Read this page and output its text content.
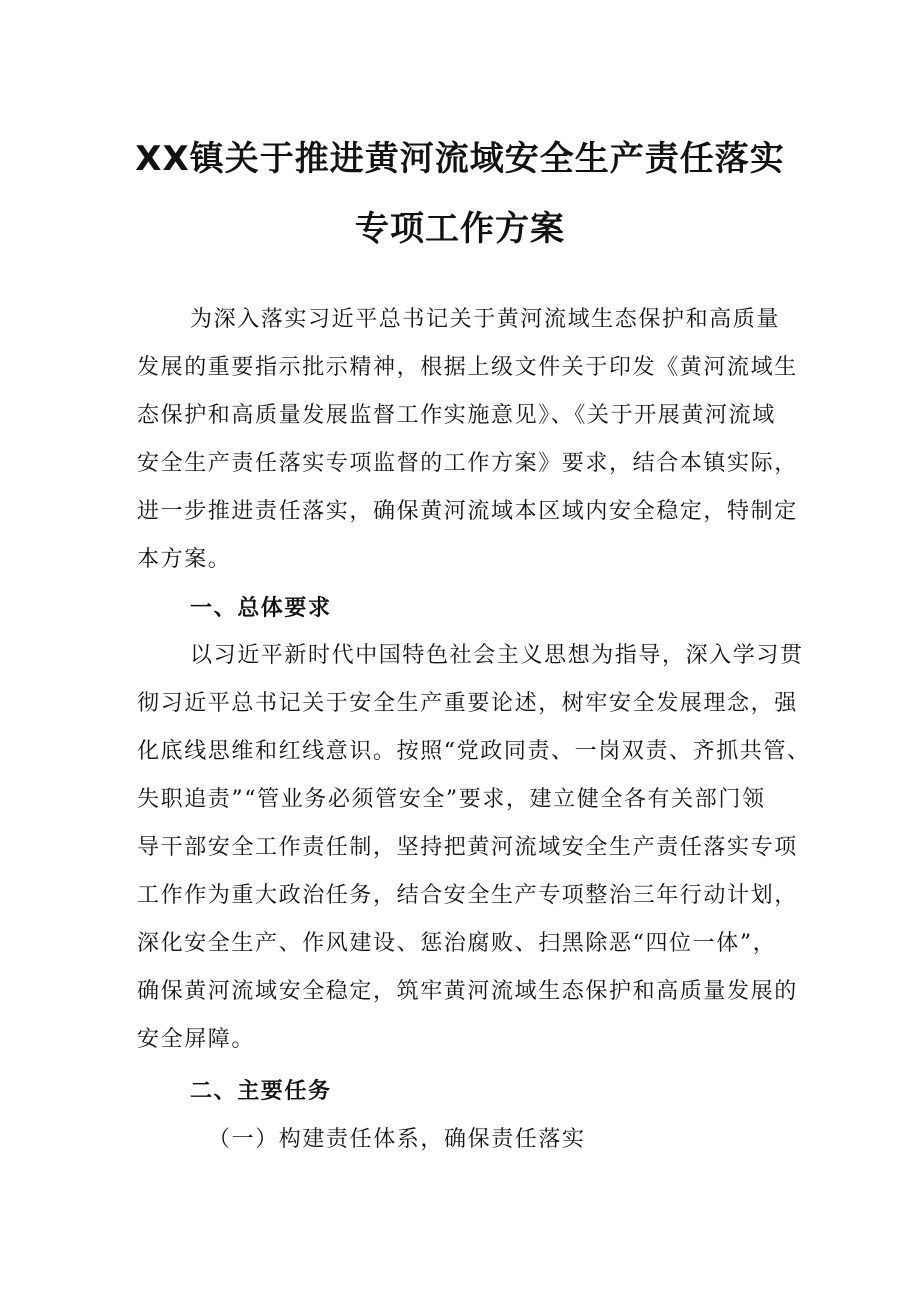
XX镇关于推进黄河流域安全生产责任落实
专项工作方案
为深入落实习近平总书记关于黄河流域生态保护和高质量
发展的重要指示批示精神，根据上级文件关于印发《黄河流域生
态保护和高质量发展监督工作实施意见》、《关于开展黄河流域
安全生产责任落实专项监督的工作方案》要求，结合本镇实际，
进一步推进责任落实，确保黄河流域本区域内安全稳定，特制定
本方案。
一、总体要求
以习近平新时代中国特色社会主义思想为指导，深入学习贯
彻习近平总书记关于安全生产重要论述，树牢安全发展理念，强
化底线思维和红线意识。按照“党政同责、一岗双责、齐抓共管、
失职追责”“管业务必须管安全”要求，建立健全各有关部门领
导干部安全工作责任制，坚持把黄河流域安全生产责任落实专项
工作作为重大政治任务，结合安全生产专项整治三年行动计划，
深化安全生产、作风建设、惩治腐败、扫黑除恶“四位一体”，
确保黄河流域安全稳定，筑牢黄河流域生态保护和高质量发展的
安全屏障。
二、主要任务
（一）构建责任体系，确保责任落实
